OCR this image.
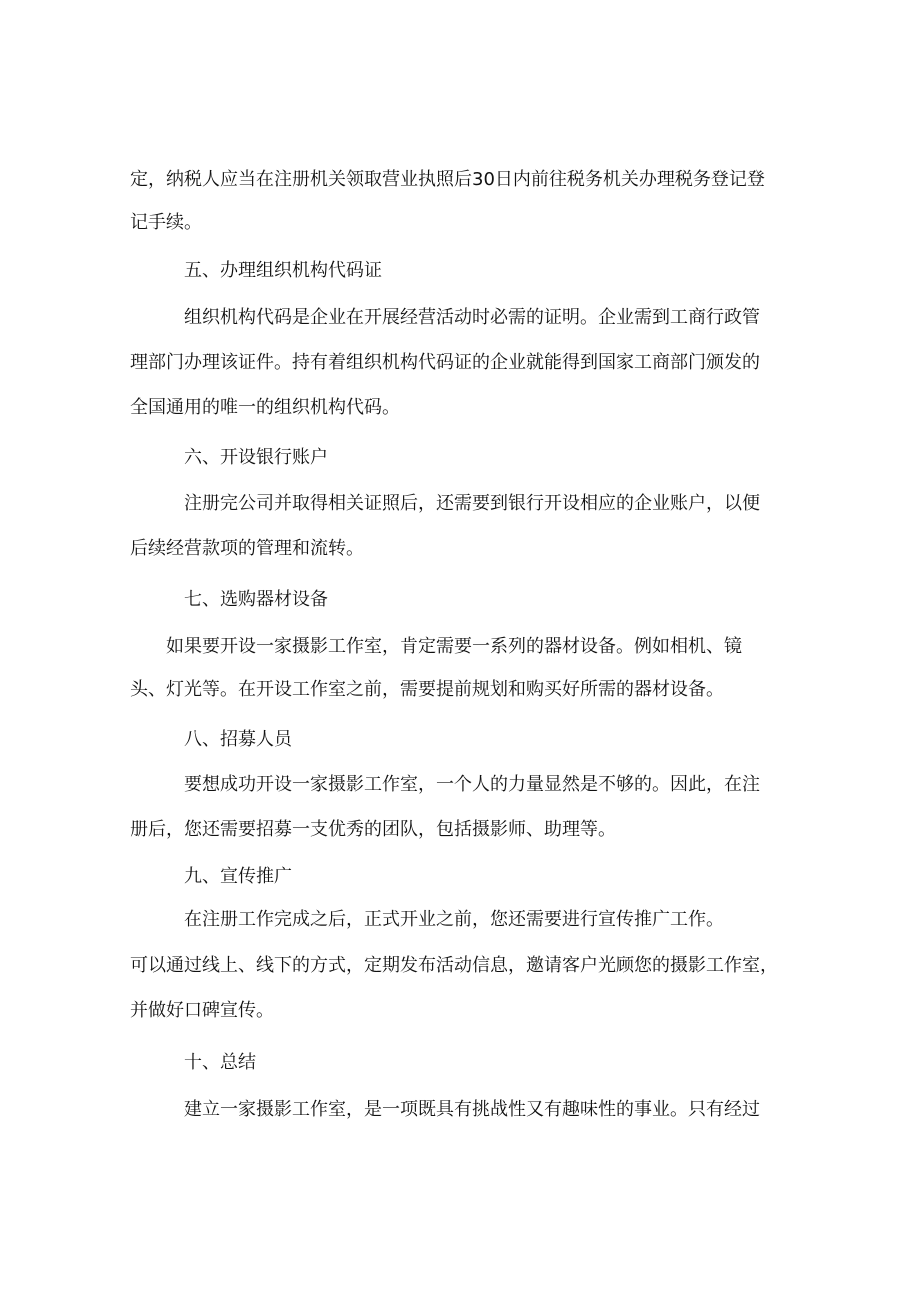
定，纳税人应当在注册机关领取营业执照后30日内前往税务机关办理税务登记登
记手续。
五、办理组织机构代码证
组织机构代码是企业在开展经营活动时必需的证明。企业需到工商行政管
理部门办理该证件。持有着组织机构代码证的企业就能得到国家工商部门颁发的
全国通用的唯一的组织机构代码。
六、开设银行账户
注册完公司并取得相关证照后，还需要到银行开设相应的企业账户，以便
后续经营款项的管理和流转。
七、选购器材设备
如果要开设一家摄影工作室，肯定需要一系列的器材设备。例如相机、镜
头、灯光等。在开设工作室之前，需要提前规划和购买好所需的器材设备。
八、招募人员
要想成功开设一家摄影工作室，一个人的力量显然是不够的。因此，在注
册后，您还需要招募一支优秀的团队，包括摄影师、助理等。
九、宣传推广
在注册工作完成之后，正式开业之前，您还需要进行宣传推广工作。
可以通过线上、线下的方式，定期发布活动信息，邀请客户光顾您的摄影工作室，
并做好口碑宣传。
十、总结
建立一家摄影工作室，是一项既具有挑战性又有趣味性的事业。只有经过
